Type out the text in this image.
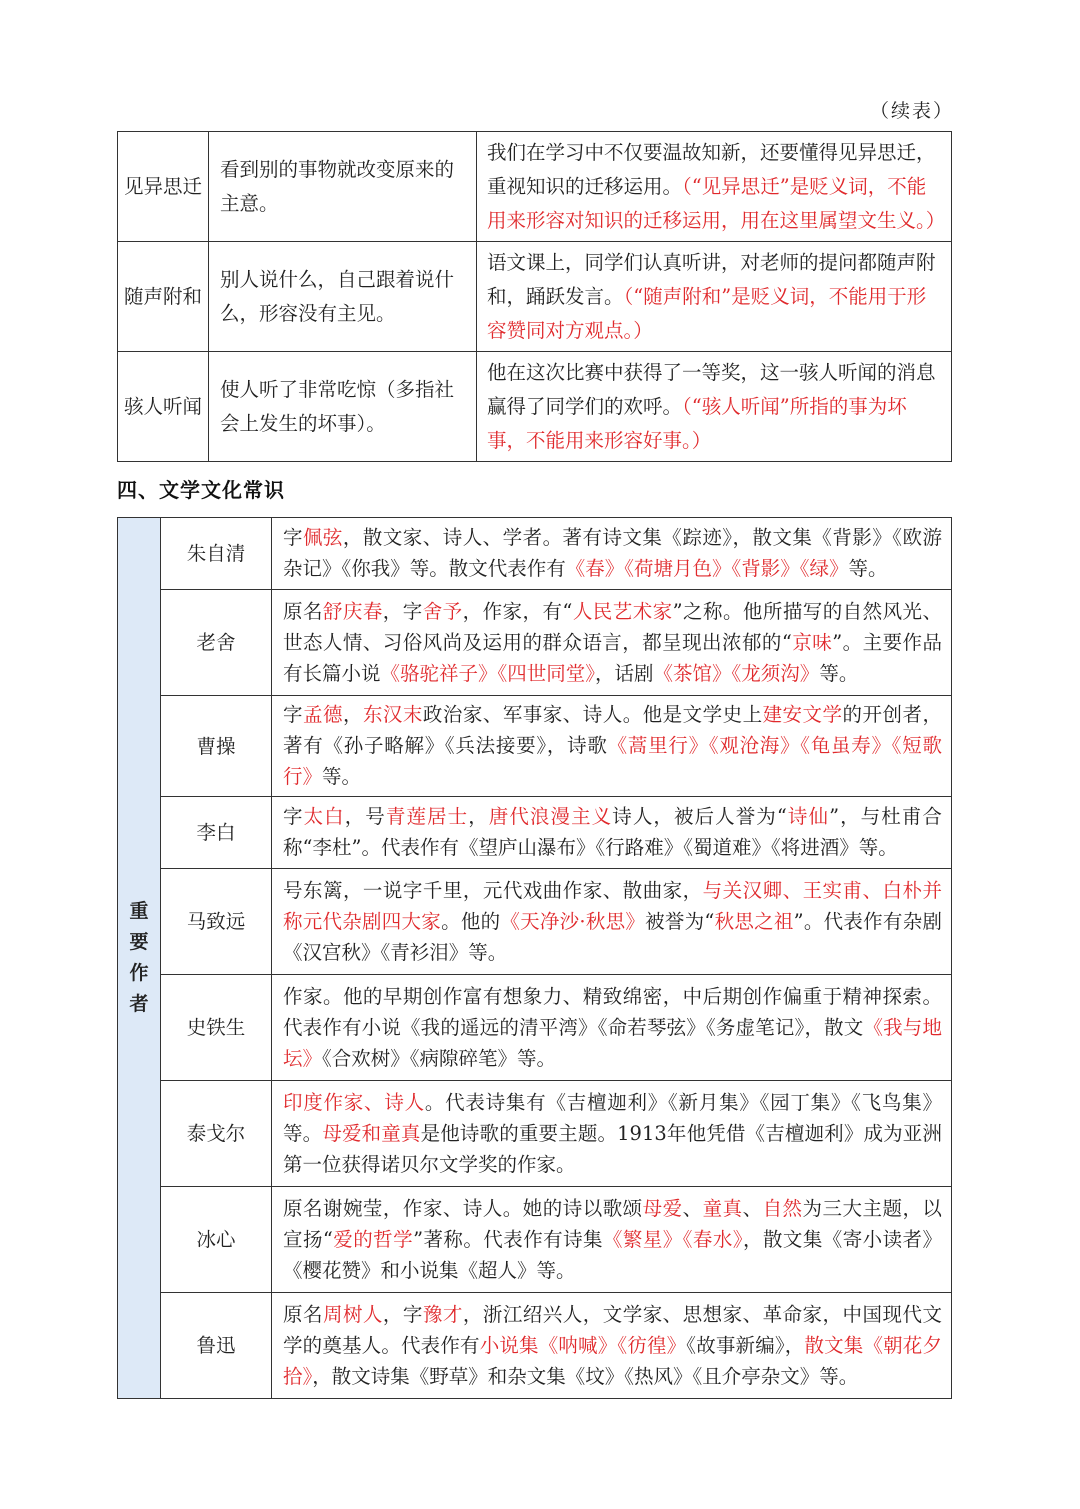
（续表）
见异思迁	看到别的事物就改变原来的主意。	我们在学习中不仅要温故知新，还要懂得见异思迁，重视知识的迁移运用。（“见异思迁”是贬义词，不能用来形容对知识的迁移运用，用在这里属望文生义。）
随声附和	别人说什么，自己跟着说什么，形容没有主见。	语文课上，同学们认真听讲，对老师的提问都随声附和，踊跃发言。（“随声附和”是贬义词，不能用于形容赞同对方观点。）
骇人听闻	使人听了非常吃惊（多指社会上发生的坏事）。	他在这次比赛中获得了一等奖，这一骇人听闻的消息赢得了同学们的欢呼。（“骇人听闻”所指的事为坏事，不能用来形容好事。）
四、文学文化常识
重要作者	朱自清	字佩弦，散文家、诗人、学者。著有诗文集《踪迹》，散文集《背影》《欧游杂记》《你我》等。散文代表作有《春》《荷塘月色》《背影》《绿》等。
	老舍	原名舒庆春，字舍予，作家，有“人民艺术家”之称。他所描写的自然风光、世态人情、习俗风尚及运用的群众语言，都呈现出浓郁的“京味”。主要作品有长篇小说《骆驼祥子》《四世同堂》，话剧《茶馆》《龙须沟》等。
	曹操	字孟德，东汉末政治家、军事家、诗人。他是文学史上建安文学的开创者，著有《孙子略解》《兵法接要》，诗歌《蒿里行》《观沧海》《龟虽寿》《短歌行》等。
	李白	字太白，号青莲居士，唐代浪漫主义诗人，被后人誉为“诗仙”，与杜甫合称“李杜”。代表作有《望庐山瀑布》《行路难》《蜀道难》《将进酒》等。
	马致远	号东篱，一说字千里，元代戏曲作家、散曲家，与关汉卿、王实甫、白朴并称元代杂剧四大家。他的《天净沙·秋思》被誉为“秋思之祖”。代表作有杂剧《汉宫秋》《青衫泪》等。
	史铁生	作家。他的早期创作富有想象力、精致绵密，中后期创作偏重于精神探索。代表作有小说《我的遥远的清平湾》《命若琴弦》《务虚笔记》，散文《我与地坛》《合欢树》《病隙碎笔》等。
	泰戈尔	印度作家、诗人。代表诗集有《吉檀迦利》《新月集》《园丁集》《飞鸟集》等。母爱和童真是他诗歌的重要主题。1913年他凭借《吉檀迦利》成为亚洲第一位获得诺贝尔文学奖的作家。
	冰心	原名谢婉莹，作家、诗人。她的诗以歌颂母爱、童真、自然为三大主题，以宣扬“爱的哲学”著称。代表作有诗集《繁星》《春水》，散文集《寄小读者》《樱花赞》和小说集《超人》等。
	鲁迅	原名周树人，字豫才，浙江绍兴人，文学家、思想家、革命家，中国现代文学的奠基人。代表作有小说集《呐喊》《彷徨》《故事新编》，散文集《朝花夕拾》，散文诗集《野草》和杂文集《坟》《热风》《且介亭杂文》等。
